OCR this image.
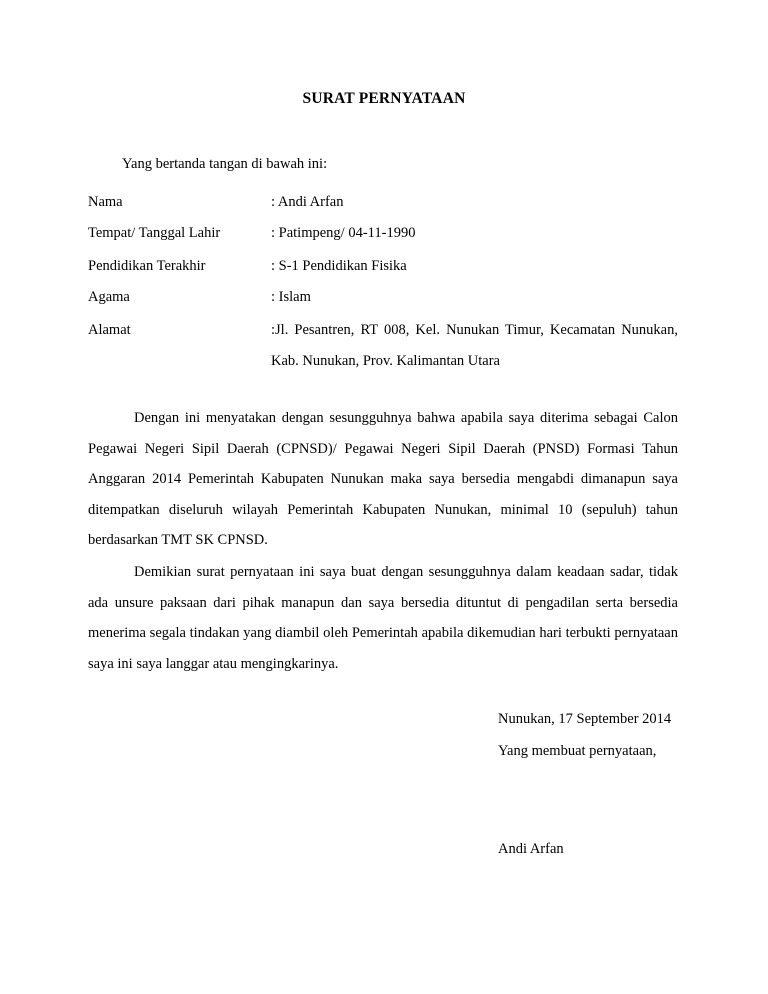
SURAT PERNYATAAN
Yang bertanda tangan di bawah ini:
Nama	: Andi Arfan
Tempat/ Tanggal Lahir	: Patimpeng/ 04-11-1990
Pendidikan Terakhir	: S-1 Pendidikan Fisika
Agama	: Islam
Alamat	:Jl. Pesantren, RT 008, Kel. Nunukan Timur, Kecamatan Nunukan,
Kab. Nunukan, Prov. Kalimantan Utara

Dengan ini menyatakan dengan sesungguhnya bahwa apabila saya diterima sebagai Calon Pegawai Negeri Sipil Daerah (CPNSD)/ Pegawai Negeri Sipil Daerah (PNSD) Formasi Tahun Anggaran 2014 Pemerintah Kabupaten Nunukan maka saya bersedia mengabdi dimanapun saya ditempatkan diseluruh wilayah Pemerintah Kabupaten Nunukan, minimal 10 (sepuluh) tahun berdasarkan TMT SK CPNSD.

Demikian surat pernyataan ini saya buat dengan sesungguhnya dalam keadaan sadar, tidak ada unsure paksaan dari pihak manapun dan saya bersedia dituntut di pengadilan serta bersedia menerima segala tindakan yang diambil oleh Pemerintah apabila dikemudian hari terbukti pernyataan saya ini saya langgar atau mengingkarinya.

Nunukan, 17 September 2014
Yang membuat pernyataan,
Andi Arfan
